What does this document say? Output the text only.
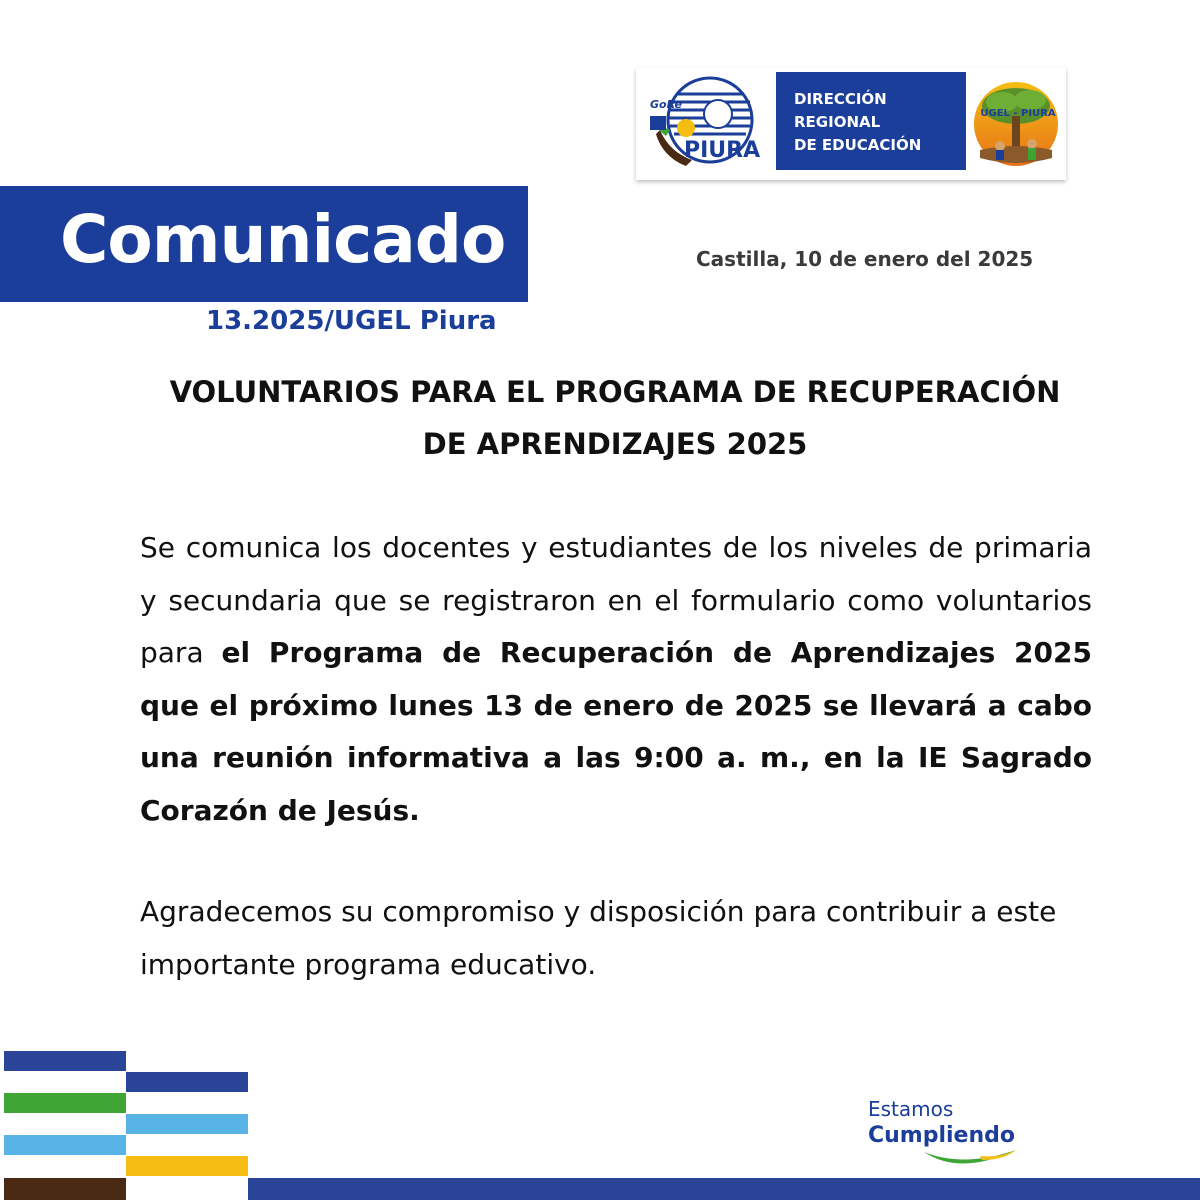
GoRe
PIURA
DIRECCIÓN
REGIONAL
DE EDUCACIÓN
UGEL - PIURA
Comunicado
13.2025/UGEL Piura
Castilla, 10 de enero del 2025
VOLUNTARIOS PARA EL PROGRAMA DE RECUPERACIÓN
DE APRENDIZAJES 2025
Se comunica los docentes y estudiantes de los niveles de primaria y secundaria que se registraron en el formulario como voluntarios para el Programa de Recuperación de Aprendizajes 2025 que el próximo lunes 13 de enero de 2025 se llevará a cabo una reunión informativa a las 9:00 a. m., en la IE Sagrado Corazón de Jesús.
Agradecemos su compromiso y disposición para contribuir a este importante programa educativo.
Estamos
Cumpliendo
